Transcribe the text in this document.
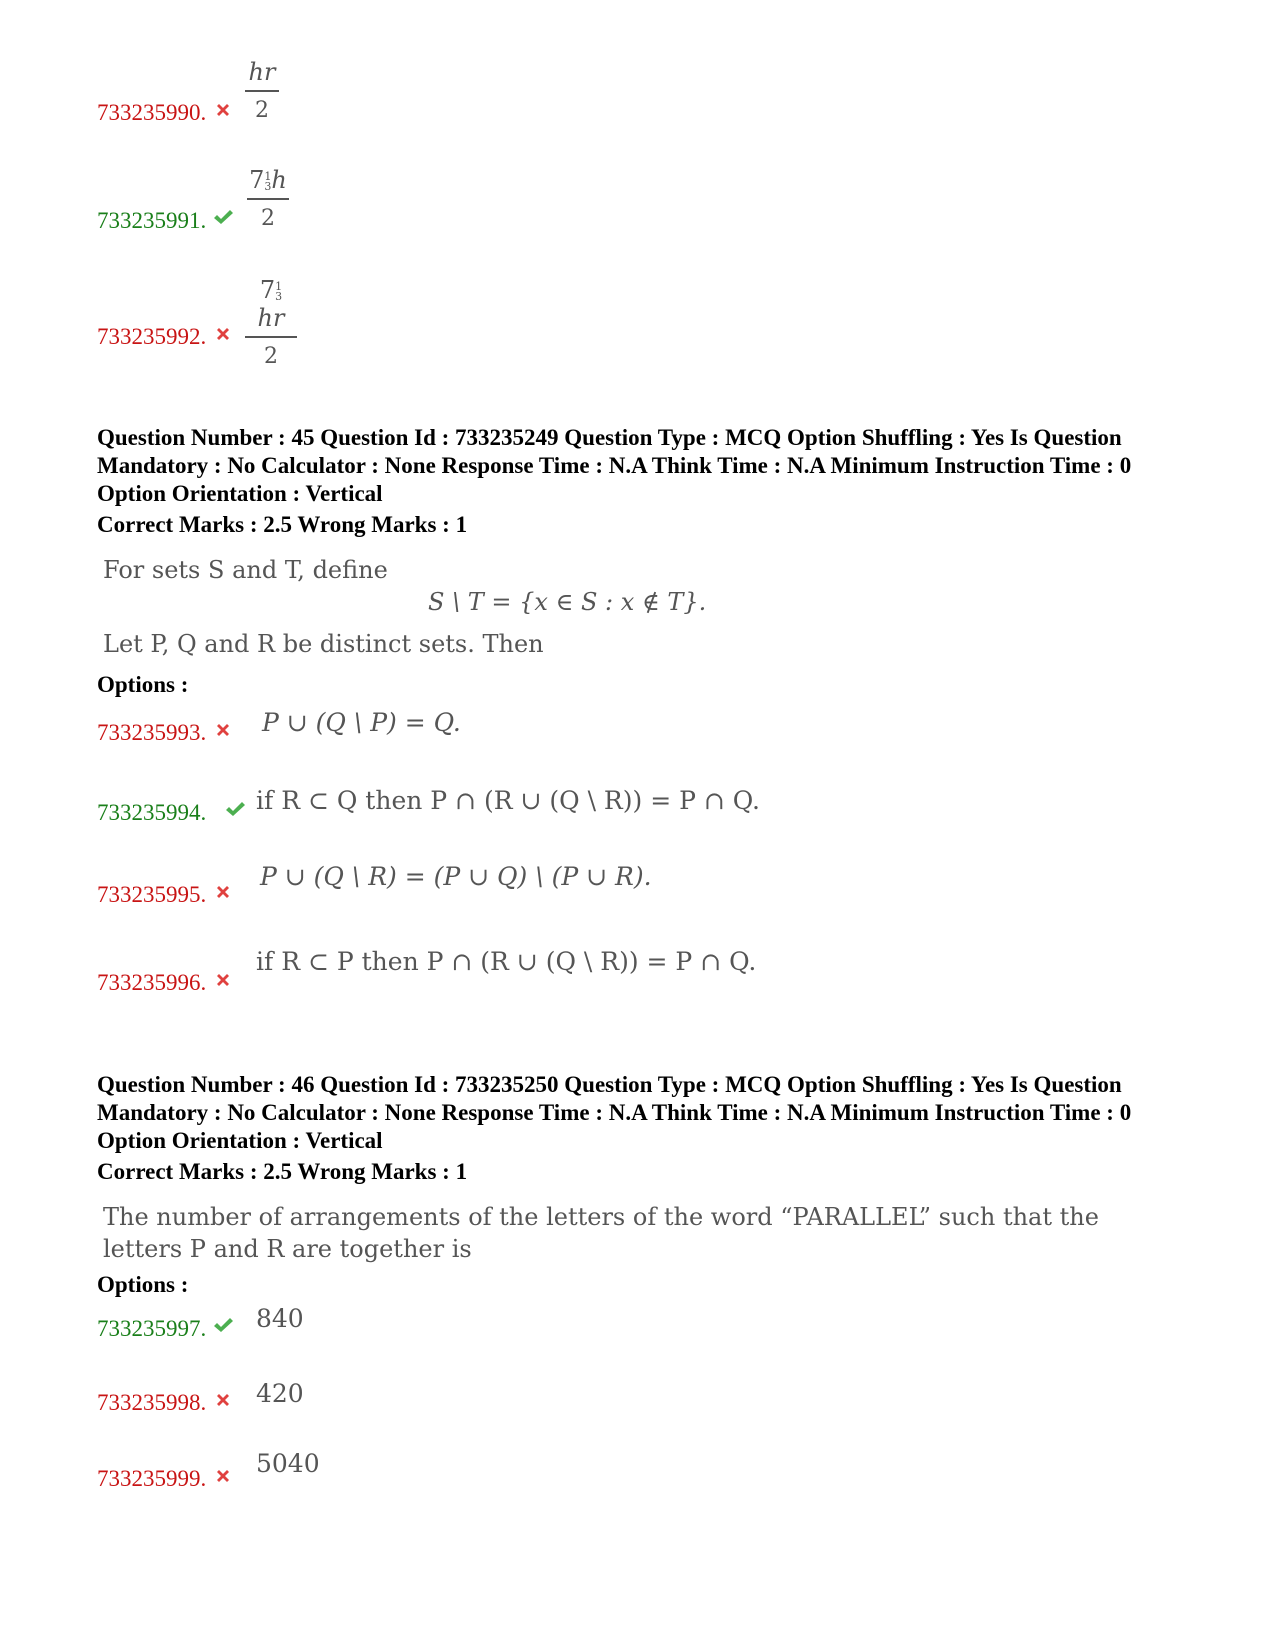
hr
2
733235990.
71
3h
2
733235991.
71
3hr
2
733235992.
Question Number : 45 Question Id : 733235249 Question Type : MCQ Option Shuffling : Yes Is Question Mandatory : No Calculator : None Response Time : N.A Think Time : N.A Minimum Instruction Time : 0 Option Orientation : Vertical
Correct Marks : 2.5 Wrong Marks : 1
For sets S and T, define
S \ T = {x ∈ S : x ∉ T}.
Let P, Q and R be distinct sets. Then
Options :
733235993. P ∪ (Q \ P) = Q.
733235994. if R ⊂ Q then P ∩ (R ∪ (Q \ R)) = P ∩ Q.
733235995.
P ∪ (Q \ R) = (P ∪ Q) \ (P ∪ R).
733235996.
if R ⊂ P then P ∩ (R ∪ (Q \ R)) = P ∩ Q.
Question Number : 46 Question Id : 733235250 Question Type : MCQ Option Shuffling : Yes Is Question Mandatory : No Calculator : None Response Time : N.A Think Time : N.A Minimum Instruction Time : 0 Option Orientation : Vertical
Correct Marks : 2.5 Wrong Marks : 1
The number of arrangements of the letters of the word “PARALLEL” such that the
letters P and R are together is
Options :
733235997. 840
733235998. 420
733235999.
5040
